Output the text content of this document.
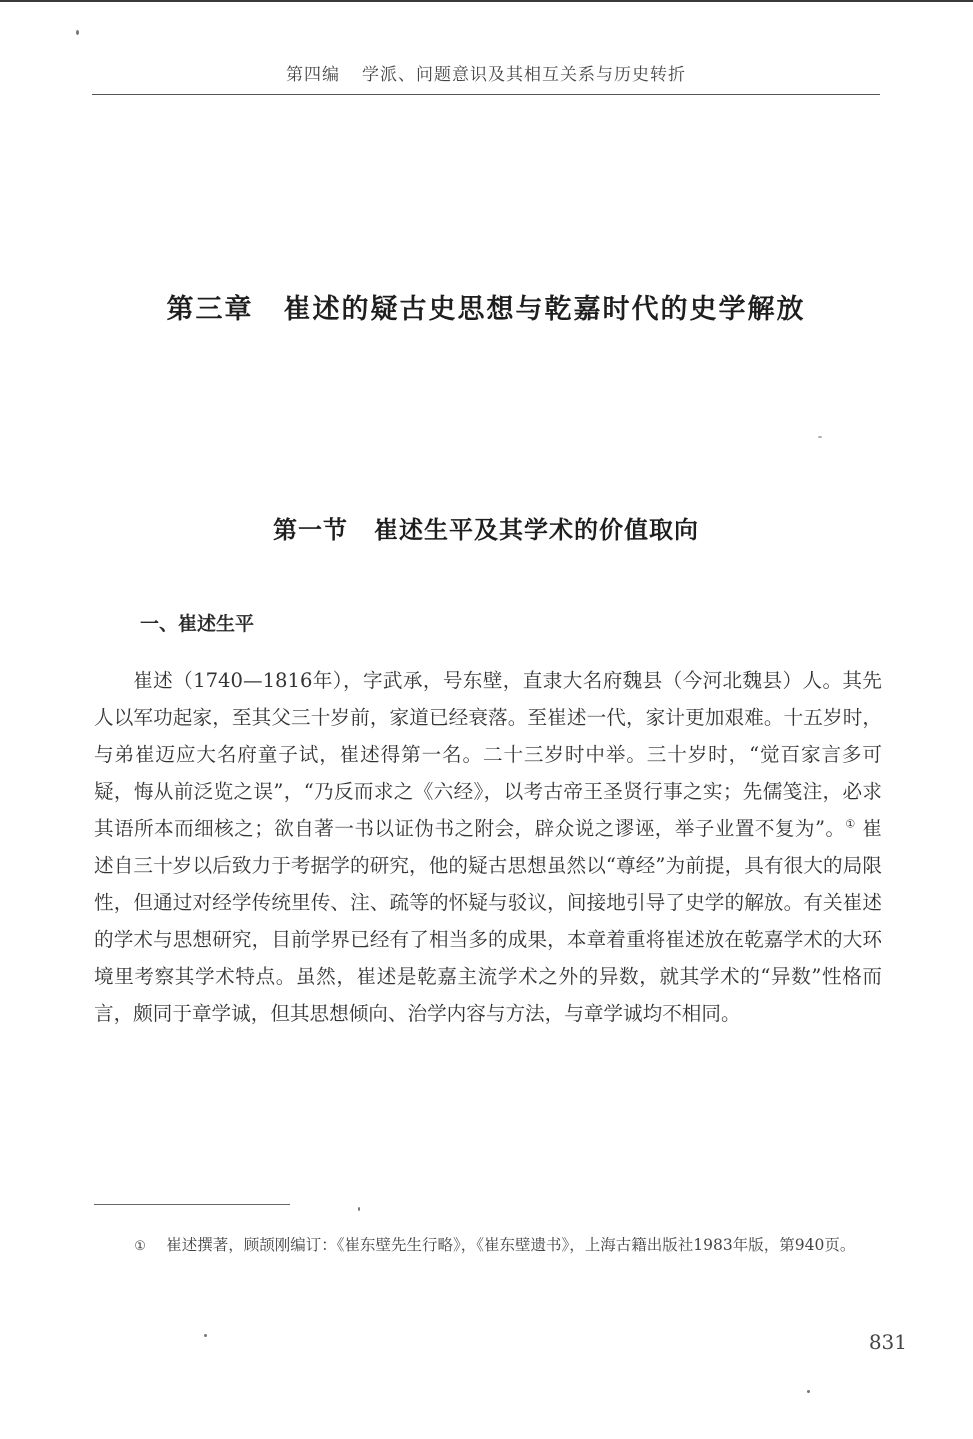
第四编 学派、问题意识及其相互关系与历史转折
第三章 崔述的疑古史思想与乾嘉时代的史学解放
第一节 崔述生平及其学术的价值取向
一、崔述生平

崔述（1740—1816年），字武承，号东壁，直隶大名府魏县（今河北魏县）人。其先人以军功起家，至其父三十岁前，家道已经衰落。至崔述一代，家计更加艰难。十五岁时，与弟崔迈应大名府童子试，崔述得第一名。二十三岁时中举。三十岁时，“觉百家言多可疑，悔从前泛览之误”，“乃反而求之《六经》，以考古帝王圣贤行事之实；先儒笺注，必求其语所本而细核之；欲自著一书以证伪书之附会，辟众说之谬诬，举子业置不复为”。① 崔述自三十岁以后致力于考据学的研究，他的疑古思想虽然以“尊经”为前提，具有很大的局限性，但通过对经学传统里传、注、疏等的怀疑与驳议，间接地引导了史学的解放。有关崔述的学术与思想研究，目前学界已经有了相当多的成果，本章着重将崔述放在乾嘉学术的大环境里考察其学术特点。虽然，崔述是乾嘉主流学术之外的异数，就其学术的“异数”性格而言，颇同于章学诚，但其思想倾向、治学内容与方法，与章学诚均不相同。

① 崔述撰著，顾颉刚编订：《崔东壁先生行略》，《崔东壁遗书》，上海古籍出版社1983年版，第940页。

831
